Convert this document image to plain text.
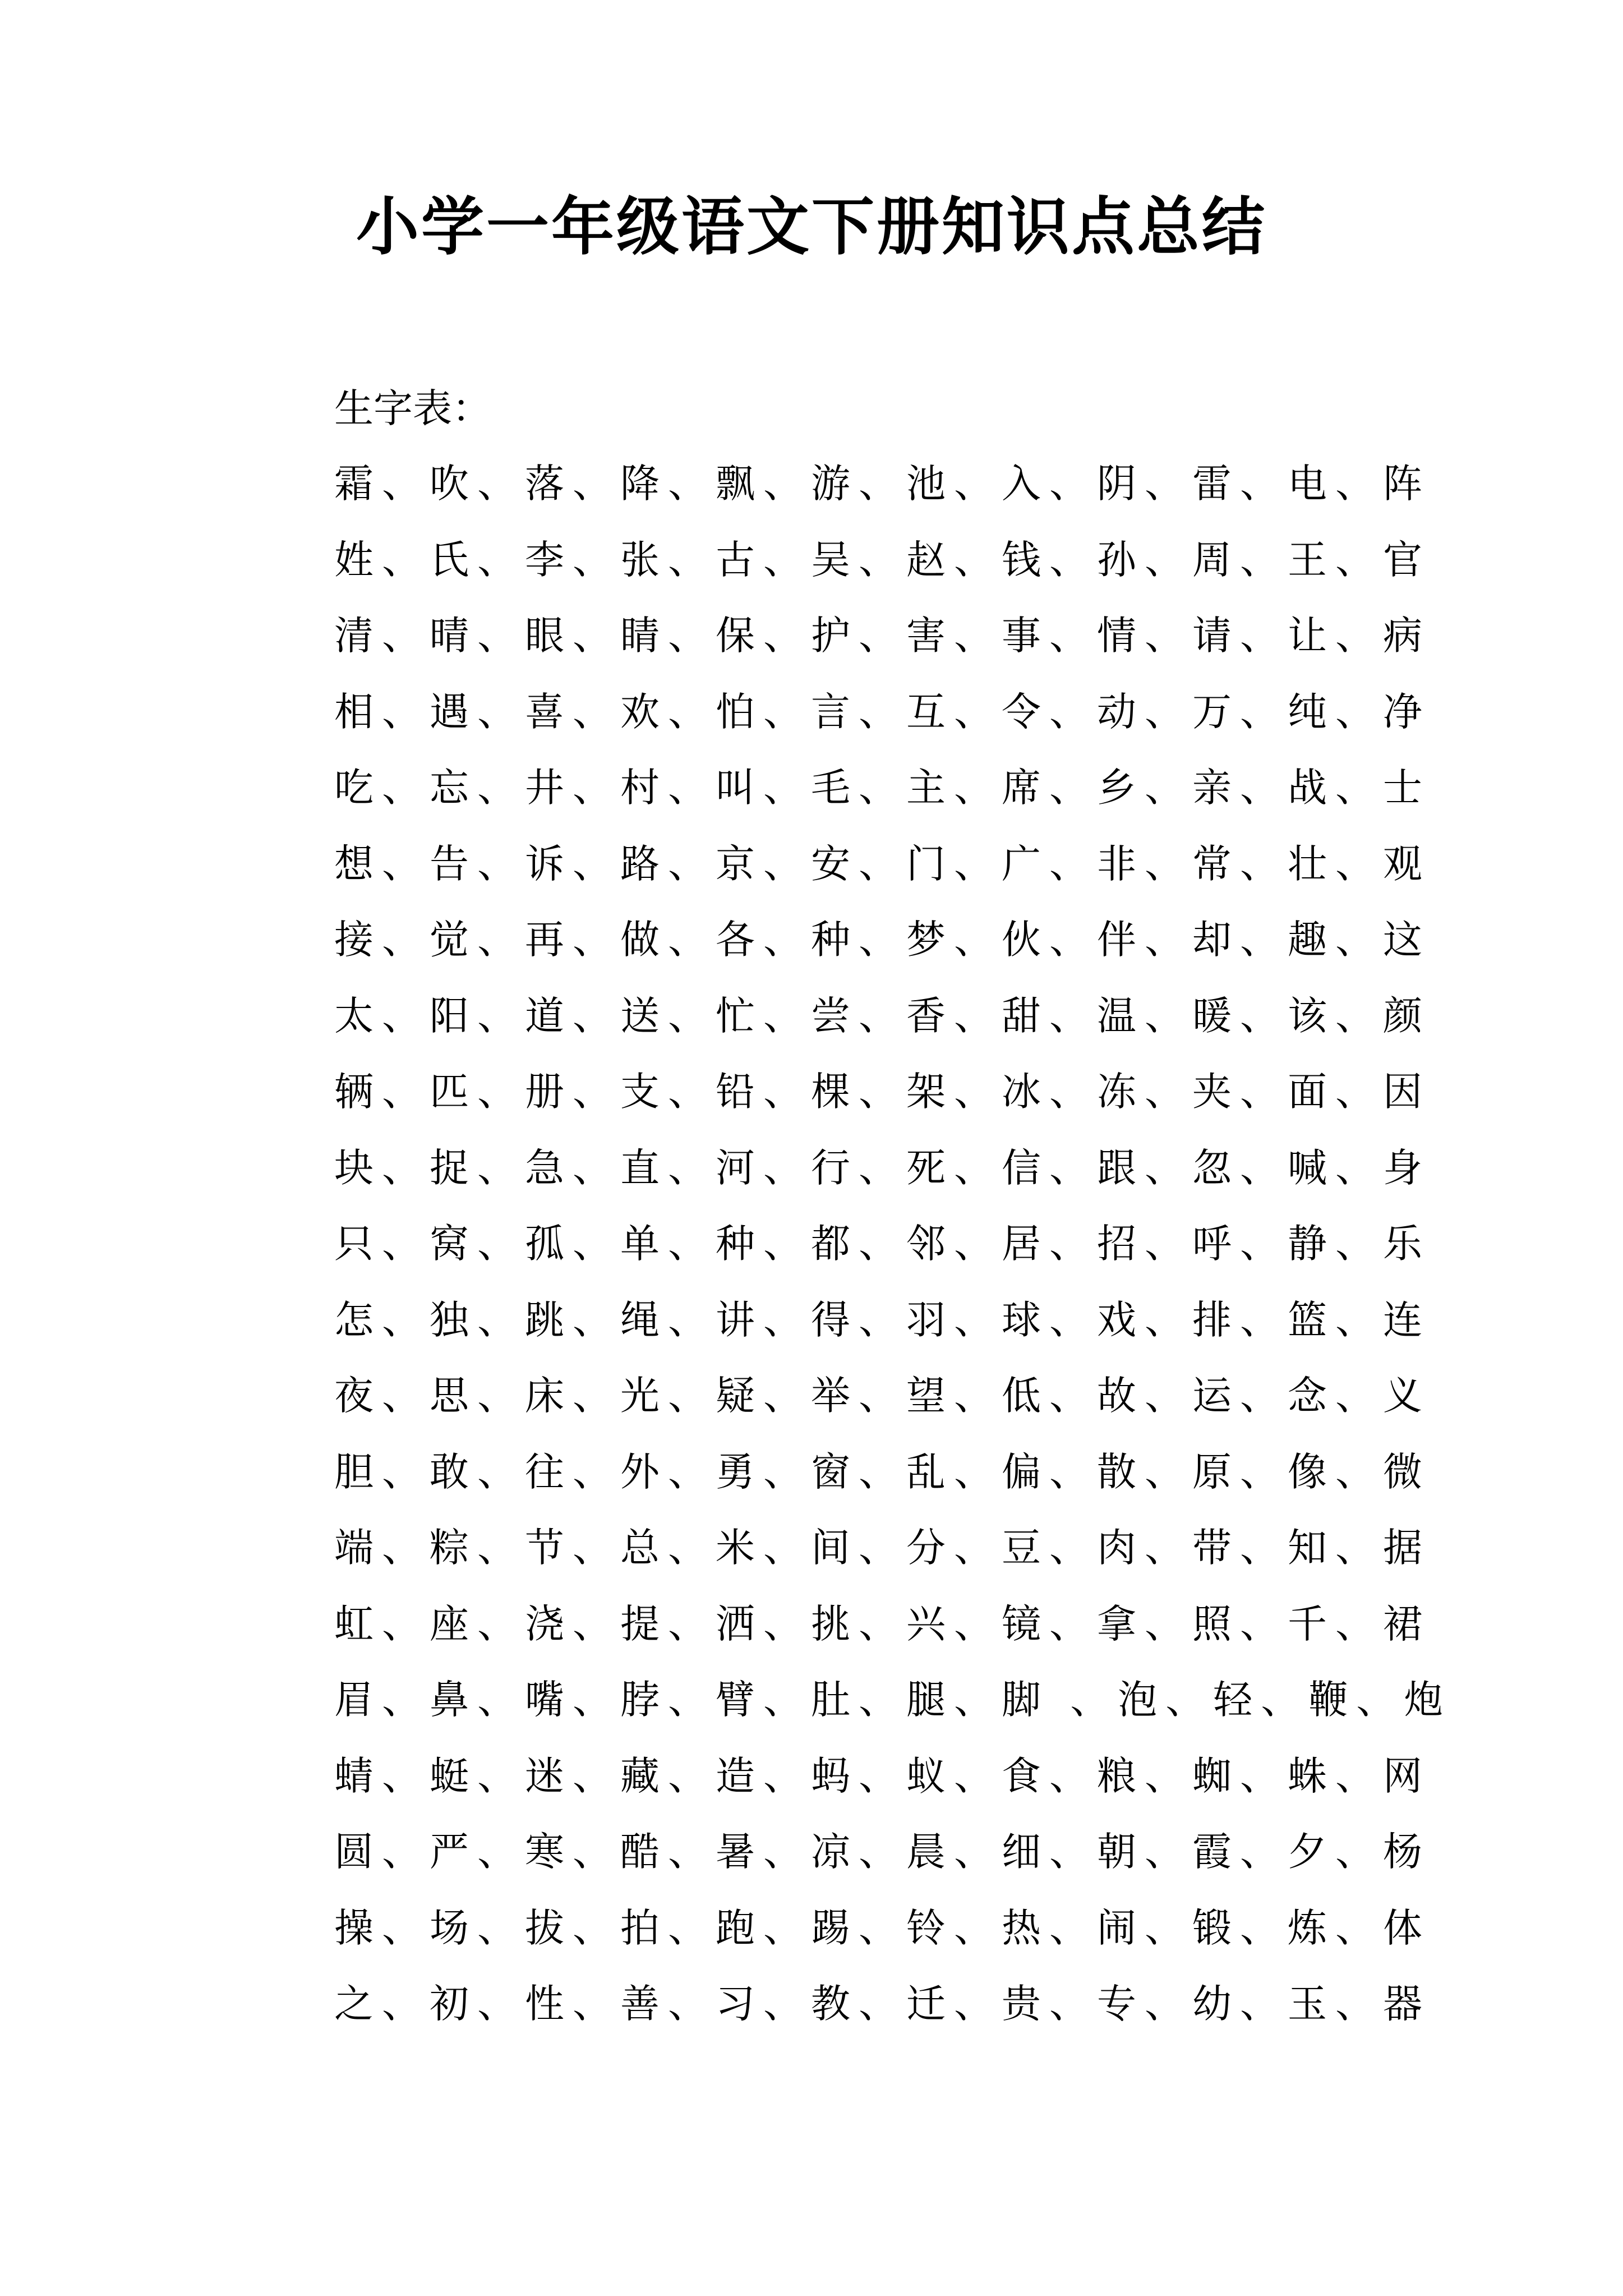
小学一年级语文下册知识点总结
生字表：
霜、吹、落、降、飘、游、池、入、阴、雷、电、阵
姓、氏、李、张、古、吴、赵、钱、孙、周、王、官
清、晴、眼、睛、保、护、害、事、情、请、让、病
相、遇、喜、欢、怕、言、互、令、动、万、纯、净
吃、忘、井、村、叫、毛、主、席、乡、亲、战、士
想、告、诉、路、京、安、门、广、非、常、壮、观
接、觉、再、做、各、种、梦、伙、伴、却、趣、这
太、阳、道、送、忙、尝、香、甜、温、暖、该、颜
辆、匹、册、支、铅、棵、架、冰、冻、夹、面、因
块、捉、急、直、河、行、死、信、跟、忽、喊、身
只、窝、孤、单、种、都、邻、居、招、呼、静、乐
怎、独、跳、绳、讲、得、羽、球、戏、排、篮、连
夜、思、床、光、疑、举、望、低、故、运、念、义
胆、敢、往、外、勇、窗、乱、偏、散、原、像、微
端、粽、节、总、米、间、分、豆、肉、带、知、据
虹、座、浇、提、洒、挑、兴、镜、拿、照、千、裙
眉、鼻、嘴、脖、臂、肚、腿、脚 、泡、轻、鞭、炮
蜻、蜓、迷、藏、造、蚂、蚁、食、粮、蜘、蛛、网
圆、严、寒、酷、暑、凉、晨、细、朝、霞、夕、杨
操、场、拔、拍、跑、踢、铃、热、闹、锻、炼、体
之、初、性、善、习、教、迁、贵、专、幼、玉、器
